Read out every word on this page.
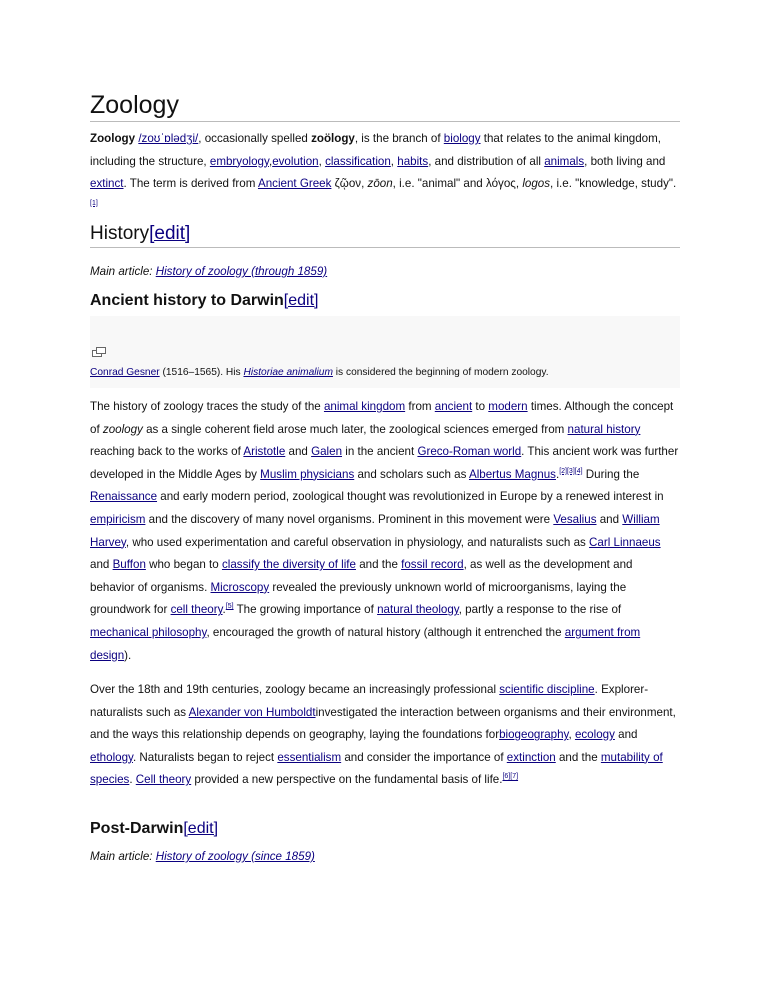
Zoology

Zoology /zoʊˈɒlədʒi/, occasionally spelled zoölogy, is the branch of biology that relates to the animal kingdom, including the structure, embryology,evolution, classification, habits, and distribution of all animals, both living and extinct. The term is derived from Ancient Greek ζῷον, zōon, i.e. "animal" and λόγος, logos, i.e. "knowledge, study".[1]

History[edit]

Main article: History of zoology (through 1859)

Ancient history to Darwin[edit]
Conrad Gesner (1516–1565). His Historiae animalium is considered the beginning of modern zoology.

The history of zoology traces the study of the animal kingdom from ancient to modern times. Although the concept of zoology as a single coherent field arose much later, the zoological sciences emerged from natural history reaching back to the works of Aristotle and Galen in the ancient Greco-Roman world. This ancient work was further developed in the Middle Ages by Muslim physicians and scholars such as Albertus Magnus.[2][3][4] During the Renaissance and early modern period, zoological thought was revolutionized in Europe by a renewed interest in empiricism and the discovery of many novel organisms. Prominent in this movement were Vesalius and William Harvey, who used experimentation and careful observation in physiology, and naturalists such as Carl Linnaeus and Buffon who began to classify the diversity of life and the fossil record, as well as the development and behavior of organisms. Microscopy revealed the previously unknown world of microorganisms, laying the groundwork for cell theory.[5] The growing importance of natural theology, partly a response to the rise of mechanical philosophy, encouraged the growth of natural history (although it entrenched the argument from design).

Over the 18th and 19th centuries, zoology became an increasingly professional scientific discipline. Explorer-naturalists such as Alexander von Humboldtinvestigated the interaction between organisms and their environment, and the ways this relationship depends on geography, laying the foundations forbiogeography, ecology and ethology. Naturalists began to reject essentialism and consider the importance of extinction and the mutability of species. Cell theory provided a new perspective on the fundamental basis of life.[6][7]

Post-Darwin[edit]

Main article: History of zoology (since 1859)
